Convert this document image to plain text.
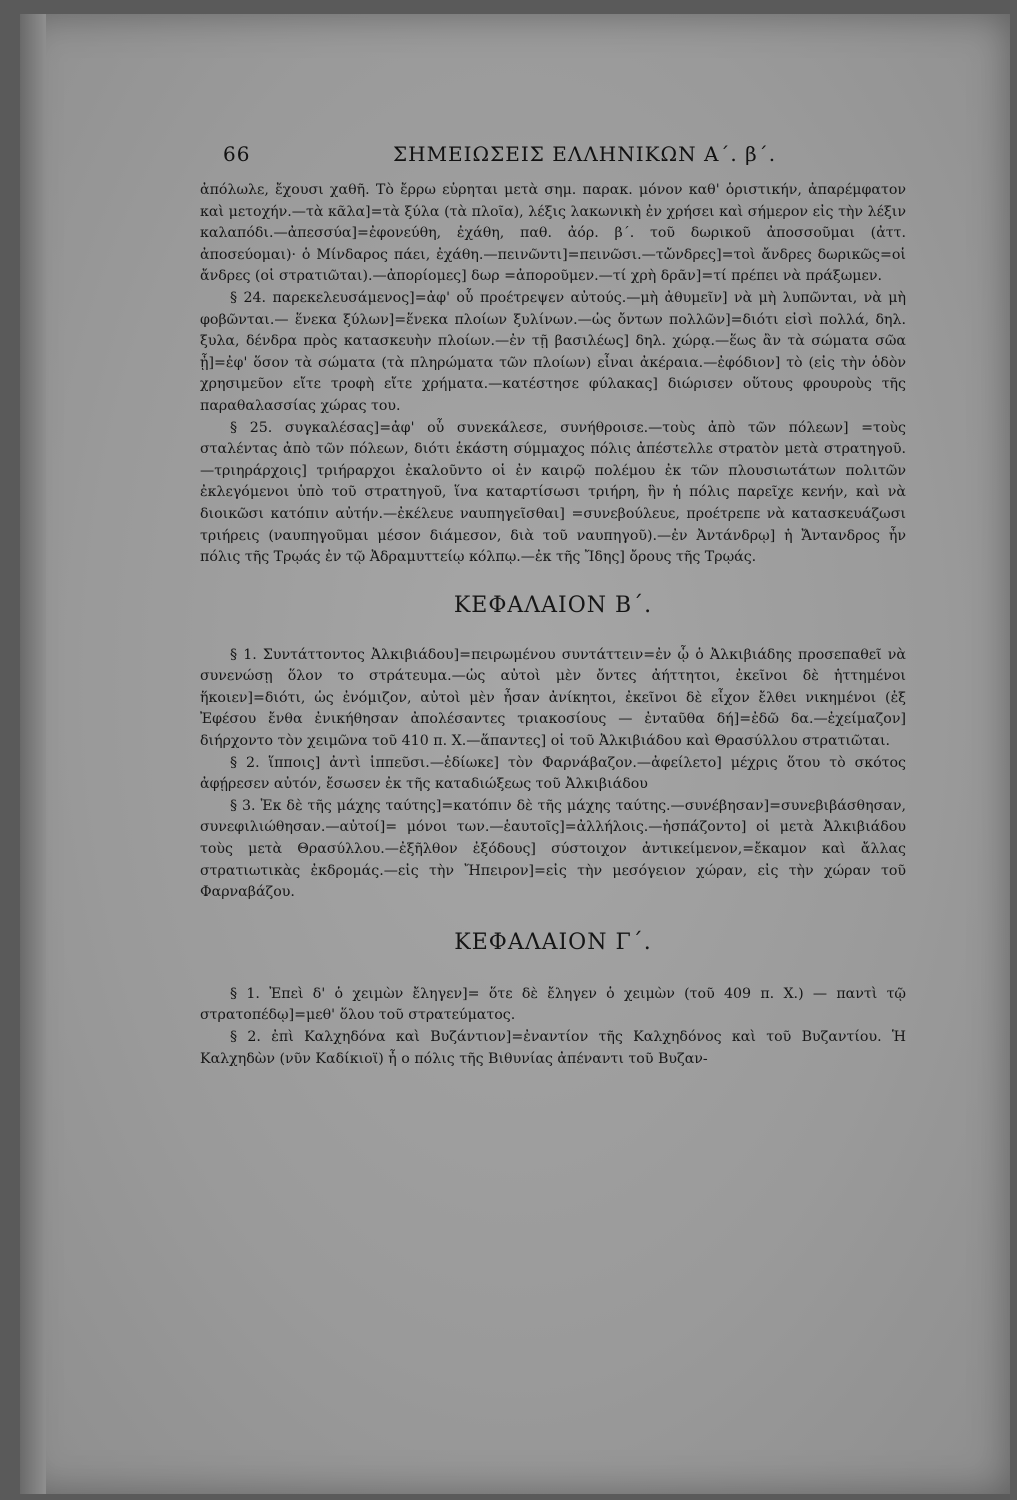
66	ΣΗΜΕΙΩΣΕΙΣ ΕΛΛΗΝΙΚΩΝ Α΄. β΄.

ἀπόλωλε, ἔχουσι χαθῆ. Τὸ ἔρρω εὑρηται μετὰ σημ. παρακ. μόνον καθ' ὁριστικήν, ἀπαρέμφατον καὶ μετοχήν.—τὰ κᾶλα]=τὰ ξύλα (τὰ πλοῖα), λέξις λακωνικὴ ἐν χρήσει καὶ σήμερον εἰς τὴν λέξιν καλαπόδι.—ἀπεσσύα]=ἐφονεύθη, ἐχάθη, παθ. ἀόρ. β΄. τοῦ δωρικοῦ ἀποσσοῦμαι (ἀττ. ἀποσεύομαι)· ὁ Μίνδαρος πάει, ἐχάθη.—πεινῶντι]=πεινῶσι.—τὤνδρες]=τοὶ ἄνδρες δωρικῶς=οἱ ἄνδρες (οἱ στρατιῶται).—ἀπορίομες] δωρ =ἀποροῦμεν.—τί χρὴ δρᾶν]=τί πρέπει νὰ πράξωμεν.

§ 24. παρεκελευσάμενος]=ἀφ' οὗ προέτρεψεν αὐτούς.—μὴ ἀθυμεῖν] νὰ μὴ λυπῶνται, νὰ μὴ φοβῶνται.— ἕνεκα ξύλων]=ἕνεκα πλοίων ξυλίνων.—ὡς ὄντων πολλῶν]=διότι εἰσὶ πολλά, δηλ. ξυλα, δένδρα πρὸς κατασκευὴν πλοίων.—ἐν τῇ βασιλέως] δηλ. χώρᾳ.—ἕως ἂν τὰ σώματα σῶα ᾖ]=ἐφ' ὅσον τὰ σώματα (τὰ πληρώματα τῶν πλοίων) εἶναι ἀκέραια.—ἐφόδιον] τὸ (εἰς τὴν ὁδὸν χρησιμεῦον εἴτε τροφὴ εἴτε χρήματα.—κατέστησε φύλακας] διώρισεν οὕτους φρουροὺς τῆς παραθαλασσίας χώρας του.

§ 25. συγκαλέσας]=ἀφ' οὗ συνεκάλεσε, συνήθροισε.—τοὺς ἀπὸ τῶν πόλεων] =τοὺς σταλέντας ἀπὸ τῶν πόλεων, διότι ἑκάστη σύμμαχος πόλις ἀπέστελλε στρατὸν μετὰ στρατηγοῦ.—τριηράρχοις] τριήραρχοι ἐκαλοῦντο οἱ ἐν καιρῷ πολέμου ἐκ τῶν πλουσιωτάτων πολιτῶν ἐκλεγόμενοι ὑπὸ τοῦ στρατηγοῦ, ἵνα καταρτίσωσι τριήρη, ἣν ἡ πόλις παρεῖχε κενήν, καὶ νὰ διοικῶσι κατόπιν αὐτήν.—ἐκέλευε ναυπηγεῖσθαι] =συνεβούλευε, προέτρεπε νὰ κατασκευάζωσι τριήρεις (ναυπηγοῦμαι μέσον διάμεσον, διὰ τοῦ ναυπηγοῦ).—ἐν Ἀντάνδρῳ] ἡ Ἄντανδρος ἦν πόλις τῆς Τρῳάς ἐν τῷ Ἀδραμυττείῳ κόλπῳ.—ἐκ τῆς Ἴδης] ὄρους τῆς Τρῳάς.

ΚΕΦΑΛΑΙΟΝ Β΄.

§ 1. Συντάττοντος Ἀλκιβιάδου]=πειρωμένου συντάττειν=ἐν ᾧ ὁ Ἀλκιβιάδης προσεπαθεῖ νὰ συνενώσῃ ὅλον το στράτευμα.—ὡς αὐτοὶ μὲν ὄντες ἀήττητοι, ἐκεῖνοι δὲ ἡττημένοι ἥκοιεν]=διότι, ὡς ἐνόμιζον, αὐτοὶ μὲν ἦσαν ἀνίκητοι, ἐκεῖνοι δὲ εἶχον ἔλθει νικημένοι (ἐξ Ἐφέσου ἔνθα ἐνικήθησαν ἀπολέσαντες τριακοσίους — ἐνταῦθα δή]=ἐδῶ δα.—ἐχείμαζον] διήρχοντο τὸν χειμῶνα τοῦ 410 π. Χ.—ἅπαντες] οἱ τοῦ Ἀλκιβιάδου καὶ Θρασύλλου στρατιῶται.

§ 2. ἵπποις] ἀντὶ ἱππεῦσι.—ἐδίωκε] τὸν Φαρνάβαζον.—ἀφείλετο] μέχρις ὅτου τὸ σκότος ἀφῄρεσεν αὐτόν, ἔσωσεν ἐκ τῆς καταδιώξεως τοῦ Ἀλκιβιάδου

§ 3. Ἐκ δὲ τῆς μάχης ταύτης]=κατόπιν δὲ τῆς μάχης ταύτης.—συνέβησαν]=συνεβιβάσθησαν, συνεφιλιώθησαν.—αὐτοί]= μόνοι των.—ἑαυτοῖς]=ἀλλήλοις.—ἠσπάζοντο] οἱ μετὰ Ἀλκιβιάδου τοὺς μετὰ Θρασύλλου.—ἐξῆλθον ἐξόδους] σύστοιχον ἀντικείμενον,=ἔκαμον καὶ ἄλλας στρατιωτικὰς ἐκδρομάς.—εἰς τὴν Ἤπειρον]=εἰς τὴν μεσόγειον χώραν, εἰς τὴν χώραν τοῦ Φαρναβάζου.

ΚΕΦΑΛΑΙΟΝ Γ΄.

§ 1. Ἐπεὶ δ' ὁ χειμὼν ἔληγεν]= ὅτε δὲ ἔληγεν ὁ χειμὼν (τοῦ 409 π. Χ.) — παντὶ τῷ στρατοπέδῳ]=μεθ' ὅλου τοῦ στρατεύματος.

§ 2. ἐπὶ Καλχηδόνα καὶ Βυζάντιον]=ἐναντίον τῆς Καλχηδόνος καὶ τοῦ Βυζαντίου. Ἡ Καλχηδὼν (νῦν Καδίκιοϊ) ἦ ο πόλις τῆς Βιθυνίας ἀπέναντι τοῦ Βυζαν-
